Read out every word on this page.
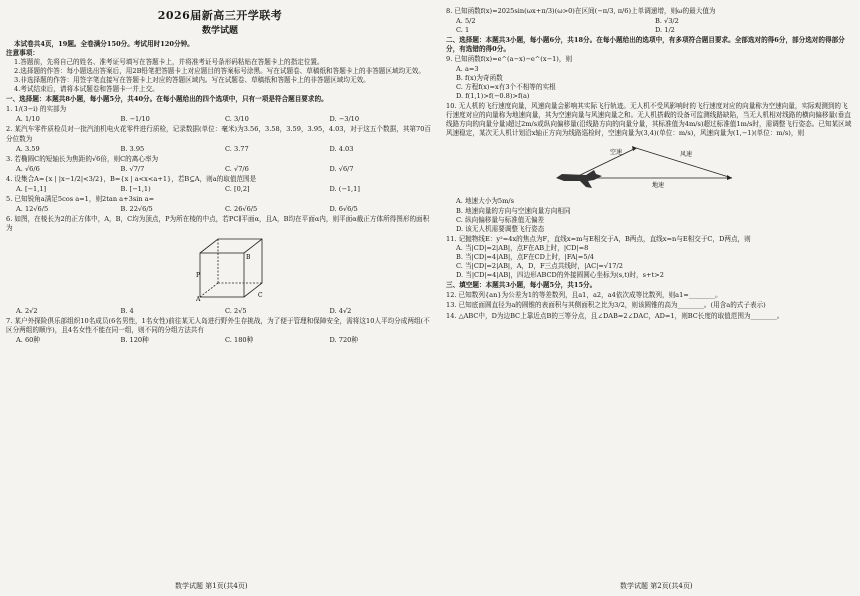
2026届新高三开学联考
数学试题
本试卷共4页，19题。全卷满分150分。考试用时120分钟。
注意事项：
1.答题前，先将自己的姓名、准考证号填写在答题卡上，并将准考证号条形码粘贴在答题卡上的指定位置。
2.选择题的作答：每小题选出答案后，用2B铅笔把答题卡上对应题目的答案标号涂黑。写在试题卷、草稿纸和答题卡上的非答题区域均无效。
3.非选择题的作答：用签字笔直接写在答题卡上对应的答题区域内。写在试题卷、草稿纸和答题卡上的非答题区域均无效。
4.考试结束后，请将本试题卷和答题卡一并上交。
一、选择题：本题共8小题，每小题5分，共40分。在每小题给出的四个选项中，只有一项是符合题目要求的。
1. 1/(3−i) 的实部为
A. 1/10	B. −1/10	C. 3/10	D. −3/10
2. 某汽车零件质检员对一批汽油机电火花零件进行质检，记录数据(单位：毫米)为3.56，3.58，3.59，3.95，4.03，对于这五个数据，其第70百分位数为
A. 3.59	B. 3.95	C. 3.77	D. 4.03
3. 若椭圆C的短轴长为焦距的√6倍，则C的离心率为
A. √6/6	B. √7/7	C. √7/6	D. √6/7
4. 设集合A={x | |x−1/2|<3/2}，B={x | a<x<a+1}，若B⊆A，则a的取值范围是
A. [−1,1]	B. [−1,1)	C. [0,2]	D. (−1,1]
5. 已知锐角a满足5cos a=1，则2tan a+3sin a=
A. 12√6/5	B. 22√6/5	C. 26√6/5	D. 6√6/5
6. 如图，在棱长为2的正方体中，A，B，C均为顶点，P为所在棱的中点，若PC∥平面α，且A，B均在平面α内，则平面α截正方体所得图形的面积为
A
B
C
P
A. 2√2	B. 4	C. 2√5	D. 4√2
7. 某户外探险俱乐部组织10名成员(6名男性，1名女性)前往某无人岛进行野外生存挑战，为了便于管理和保障安全，需将这10人平均分成两组(不区分两组的顺序)，且4名女性不能在同一组，则不同的分组方法共有
A. 60种	B. 120种	C. 180种	D. 720种
8. 已知函数f(x)=2025sin(ωx+π/3)(ω>0)在区间(−π/3, π/6)上单调递增，则ω的最大值为
A. 5/2	B. √3/2
C. 1	D. 1/2
二、选择题：本题共3小题，每小题6分，共18分。在每小题给出的选项中，有多项符合题目要求。全部选对的得6分，部分选对的得部分分，有选错的得0分。
9. 已知函数f(x)=e^(a−x)−e^(x−1)，则
A. a=3
B. f(x)为奇函数
C. 方程f(x)=x有3个不相等的实根
D. f(1,1)>f(−0.8)>f(a)
10. 无人机的飞行速度向量，风速向量会影响其实际飞行轨迹。无人机不受风影响时的飞行速度对应的向量称为空速向量，实际观测到的飞行速度对应的向量称为地速向量，其为空速向量与风速向量之和。无人机搭载的设备可监测线路缺陷，当无人机相对线路的横向偏移量(垂直线路方向的向量分量)超过2m/s或纵向偏移量(沿线路方向的向量分量，其标准值为4m/s)超过标准值1m/s时，需调整飞行姿态。已知某区域风速稳定，某次无人机计划沿x轴正方向为线路巡检时，空速向量为(3,4)(单位：m/s)，风速向量为(1,−1)(单位：m/s)，则
空速	风速
地速
A. 地速大小为5m/s
B. 地速向量的方向与空速向量方向相同
C. 纵向偏移量与标准值无偏差
D. 该无人机需要调整飞行姿态
11. 记抛物线E：y²=4x的焦点为F，直线x=m与E相交于A，B两点，直线x=n与E相交于C，D两点，则
A. 当|CD|=2|AB|，点F在AB上时，|CD|=8
B. 当|CD|=4|AB|，点F在CD上时，|FA|=5/4
C. 当|CD|=2|AB|，A，D，F三点共线时，|AC|=√17/2
D. 当|CD|=4|AB|，四边形ABCD的外接圆圆心坐标为(s,t)时，s+t>2
三、填空题：本题共3小题，每小题5分，共15分。
12. 已知数列{an}为公差为1的等差数列，且a1，a2，a4依次成等比数列，则a1=________。
13. 已知底面圆直径为a的圆锥的表面积与其侧面积之比为3/2，则该圆锥的高为________。(用含a的式子表示)
14. △ABC中，D为边BC上靠近点B的三等分点，且∠DAB=2∠DAC，AD=1，则BC长度的取值范围为________。
数学试题 第1页(共4页)	数学试题 第2页(共4页)
